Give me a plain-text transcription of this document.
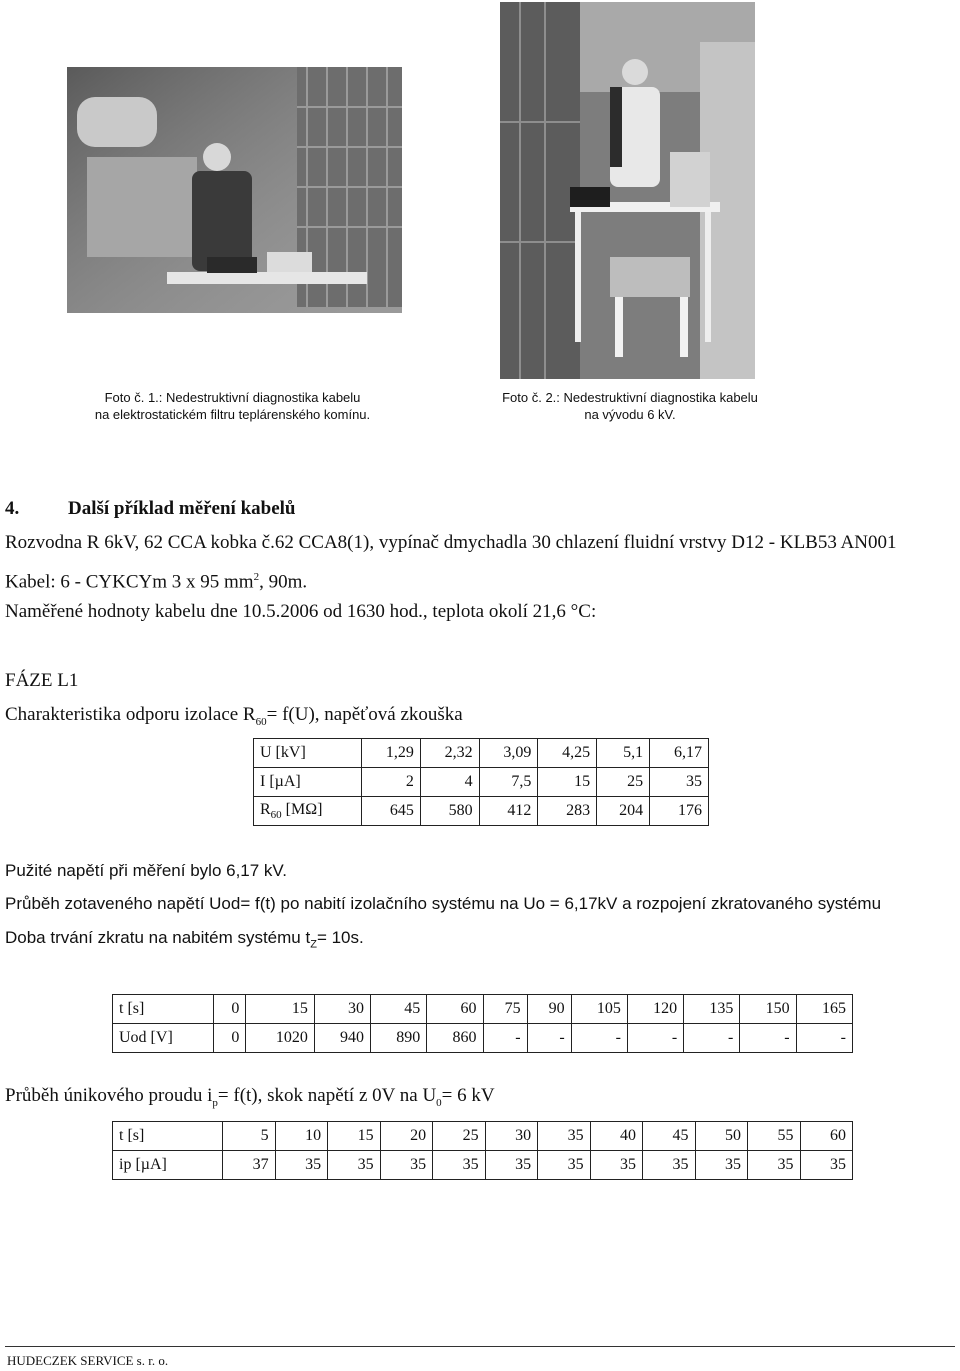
Foto č. 1.: Nedestruktivní diagnostika kabelu
na elektrostatickém filtru teplárenského komínu.
Foto č. 2.: Nedestruktivní diagnostika kabelu
na vývodu 6 kV.
4.	Další příklad měření kabelů
Rozvodna R 6kV, 62 CCA kobka č.62 CCA8(1), vypínač dmychadla 30 chlazení fluidní vrstvy D12 - KLB53 AN001
Kabel: 6 - CYKCYm 3 x 95 $mm^2$, 90m.
Naměřené hodnoty kabelu dne 10.5.2006 od 1630 hod., teplota okolí 21,6 °C:
FÁZE L1
Charakteristika odporu izolace $R_{60}= f(U)$, napěťová zkouška
U [kV]	1,29	2,32	3,09	4,25	5,1	6,17
I [µA]	2	4	7,5	15	25	35
$R_{60}$ [MΩ]	645	580	412	283	204	176
Pužité napětí při měření bylo 6,17 kV.
Průběh zotaveného napětí Uod= f(t) po nabití izolačního systému na Uo = 6,17kV a rozpojení zkratovaného systému
Doba trvání zkratu na nabitém systému $t_Z= 10s$.
t [s]	0	15	30	45	60	75	90	105	120	135	150	165
Uod [V]	0	1020	940	890	860	-	-	-	-	-	-	-
Průběh únikového proudu $i_p= f(t)$, skok napětí z 0V na $U_0= 6$ kV
t [s]	5	10	15	20	25	30	35	40	45	50	55	60
ip [µA]	37	35	35	35	35	35	35	35	35	35	35	35
HUDECZEK SERVICE s. r. o.
